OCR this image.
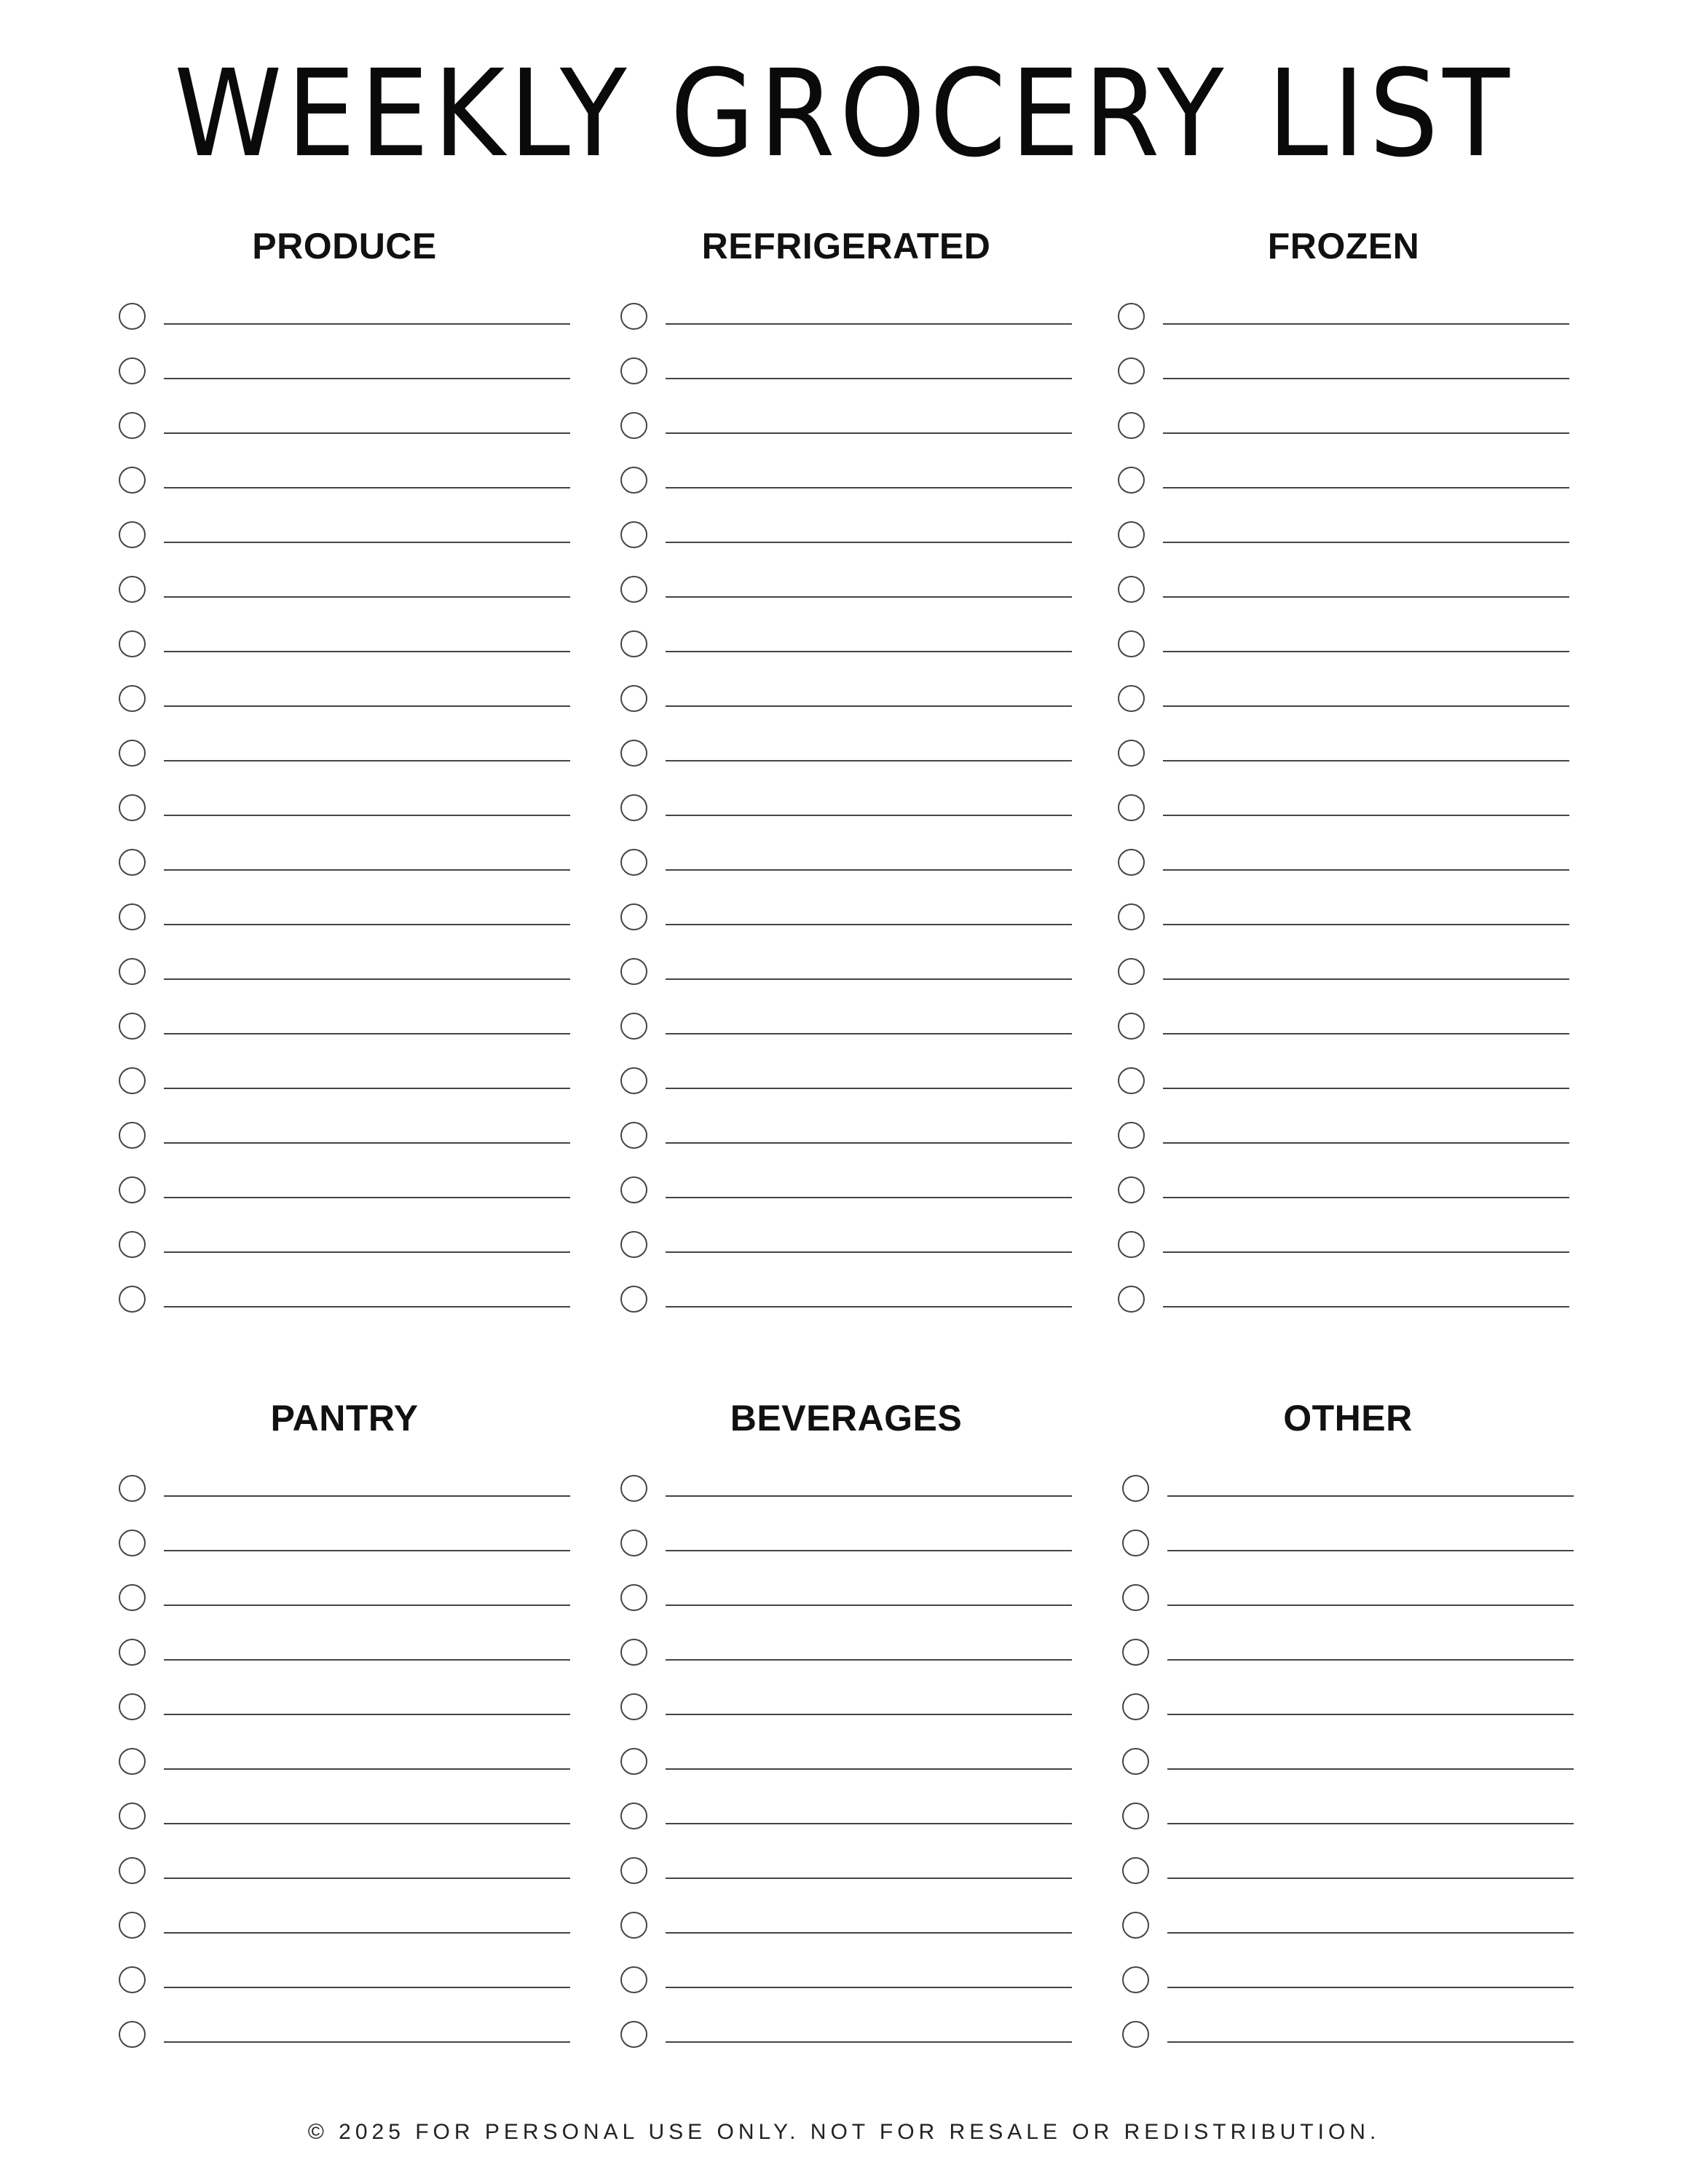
WEEKLY GROCERY LIST
PRODUCE	REFRIGERATED	FROZEN
PANTRY	BEVERAGES	OTHER
© 2025 FOR PERSONAL USE ONLY. NOT FOR RESALE OR REDISTRIBUTION.
